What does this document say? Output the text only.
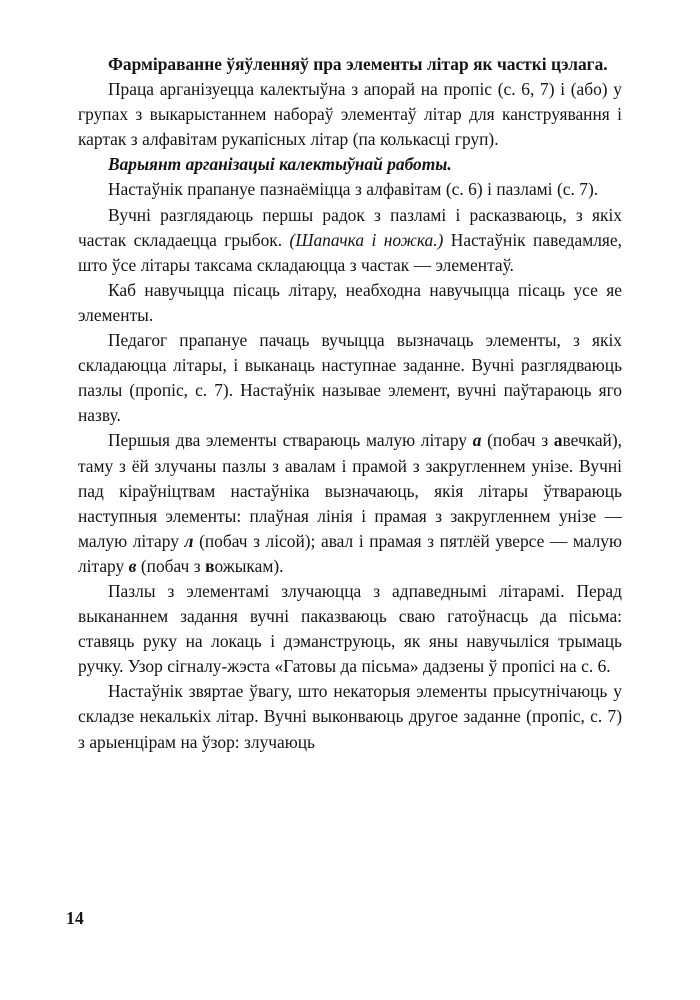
Фарміраванне ўяўленняў пра элементы літар як часткі цэлага.

Праца арганізуецца калектыўна з апорай на пропіс (с. 6, 7) і (або) у групах з выкарыстаннем набораў элементаў літар для канструявання і картак з алфавітам рукапісных літар (па колькасці груп).

Варыянт арганізацыі калектыўнай работы.

Настаўнік прапануе пазнаёміцца з алфавітам (с. 6) і пазламі (с. 7).

Вучні разглядаюць першы радок з пазламі і расказваюць, з якіх частак складаецца грыбок. (Шапачка і ножка.) Настаўнік паведамляе, што ўсе літары таксама складаюцца з частак — элементаў.

Каб навучыцца пісаць літару, неабходна навучыцца пісаць усе яе элементы.

Педагог прапануе пачаць вучыцца вызначаць элементы, з якіх складаюцца літары, і выканаць наступнае заданне. Вучні разглядваюць пазлы (пропіс, с. 7). Настаўнік называе элемент, вучні паўтараюць яго назву.

Першыя два элементы ствараюць малую літару а (побач з авечкай), таму з ёй злучаны пазлы з авалам і прамой з закругленнем унізе. Вучні пад кіраўніцтвам настаўніка вызначаюць, якія літары ўтвараюць наступныя элементы: плаўная лінія і прамая з закругленнем унізе — малую літару л (побач з лісой); авал і прамая з пятлёй уверсе — малую літару в (побач з вожыкам).

Пазлы з элементамі злучаюцца з адпаведнымі літарамі. Перад выкананнем задання вучні паказваюць сваю гатоўнасць да пісьма: ставяць руку на локаць і дэманструюць, як яны навучыліся трымаць ручку. Узор сігналу-жэста «Гатовы да пісьма» дадзены ў пропісі на с. 6.

Настаўнік звяртае ўвагу, што некаторыя элементы прысутнічаюць у складзе некалькіх літар. Вучні выконваюць другое заданне (пропіс, с. 7) з арыенцірам на ўзор: злучаюць

14
